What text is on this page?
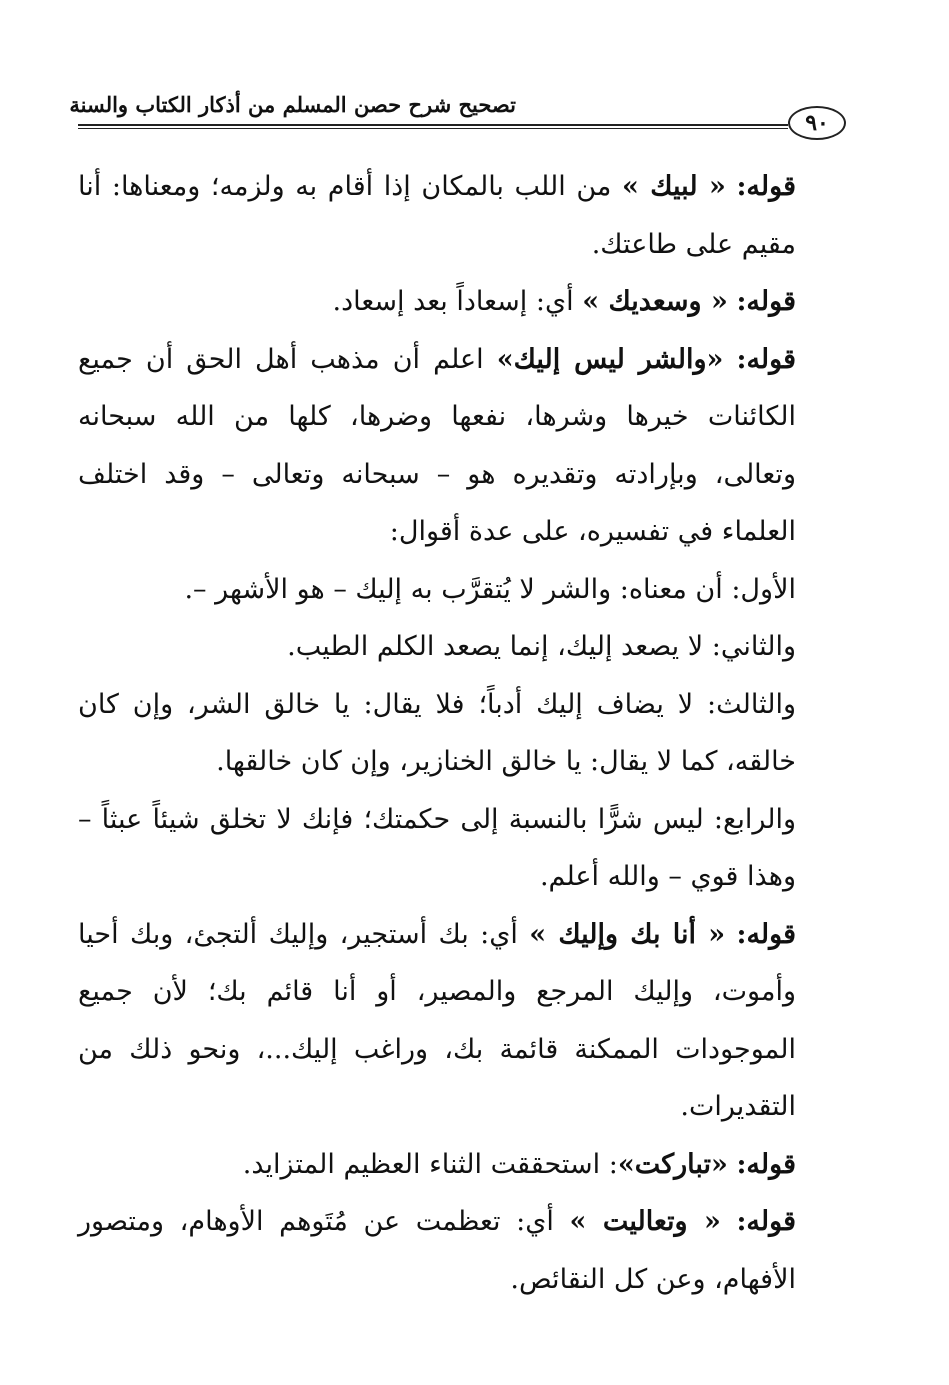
تصحيح شرح حصن المسلم من أذكار الكتاب والسنة
٩٠

قوله: « لبيك » من اللب بالمكان إذا أقام به ولزمه؛ ومعناها: أنا مقيم على طاعتك.

قوله: « وسعديك » أي: إسعاداً بعد إسعاد.

قوله: «والشر ليس إليك» اعلم أن مذهب أهل الحق أن جميع الكائنات خيرها وشرها، نفعها وضرها، كلها من الله سبحانه وتعالى، وبإرادته وتقديره هو – سبحانه وتعالى – وقد اختلف العلماء في تفسيره، على عدة أقوال:

الأول: أن معناه: والشر لا يُتقرَّب به إليك – هو الأشهر –.

والثاني: لا يصعد إليك، إنما يصعد الكلم الطيب.

والثالث: لا يضاف إليك أدباً؛ فلا يقال: يا خالق الشر، وإن كان خالقه، كما لا يقال: يا خالق الخنازير، وإن كان خالقها.

والرابع: ليس شرًّا بالنسبة إلى حكمتك؛ فإنك لا تخلق شيئاً عبثاً – وهذا قوي – والله أعلم.

قوله: « أنا بك وإليك » أي: بك أستجير، وإليك ألتجئ، وبك أحيا وأموت، وإليك المرجع والمصير، أو أنا قائم بك؛ لأن جميع الموجودات الممكنة قائمة بك، وراغب إليك...، ونحو ذلك من التقديرات.

قوله: «تباركت»: استحققت الثناء العظيم المتزايد.

قوله: « وتعاليت » أي: تعظمت عن مُتَوهم الأوهام، ومتصور الأفهام، وعن كل النقائص.
